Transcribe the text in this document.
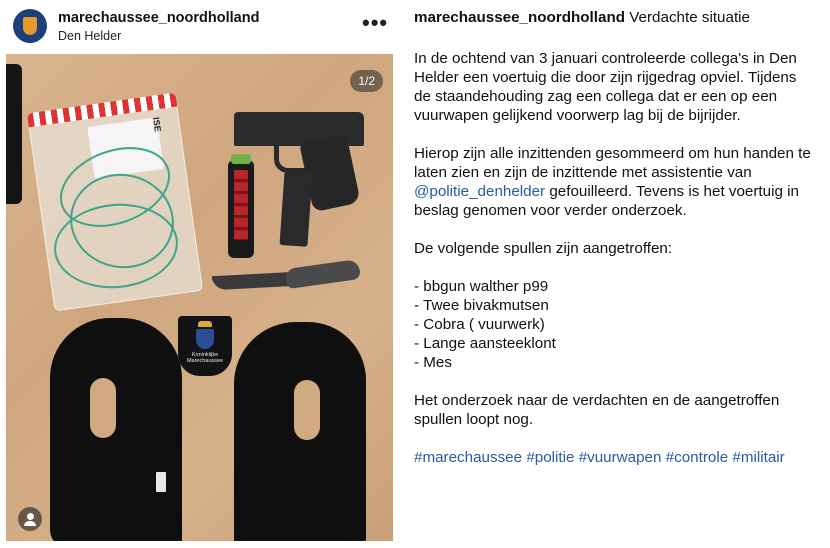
marechaussee_noordholland
Den Helder
•••
ISE
Koninklijke Marechaussee
1/2

marechaussee_noordholland Verdachte situatie

In de ochtend van 3 januari controleerde collega's in Den Helder een voertuig die door zijn rijgedrag opviel. Tijdens de staandehouding zag een collega dat er een op een vuurwapen gelijkend voorwerp lag bij de bijrijder.

Hierop zijn alle inzittenden gesommeerd om hun handen te laten zien en zijn de inzittende met assistentie van @politie_denhelder gefouilleerd. Tevens is het voertuig in beslag genomen voor verder onderzoek.

De volgende spullen zijn aangetroffen:

- bbgun walther p99
- Twee bivakmutsen
- Cobra ( vuurwerk)
- Lange aansteeklont
- Mes

Het onderzoek naar de verdachten en de aangetroffen spullen loopt nog.

#marechaussee #politie #vuurwapen #controle #militair
